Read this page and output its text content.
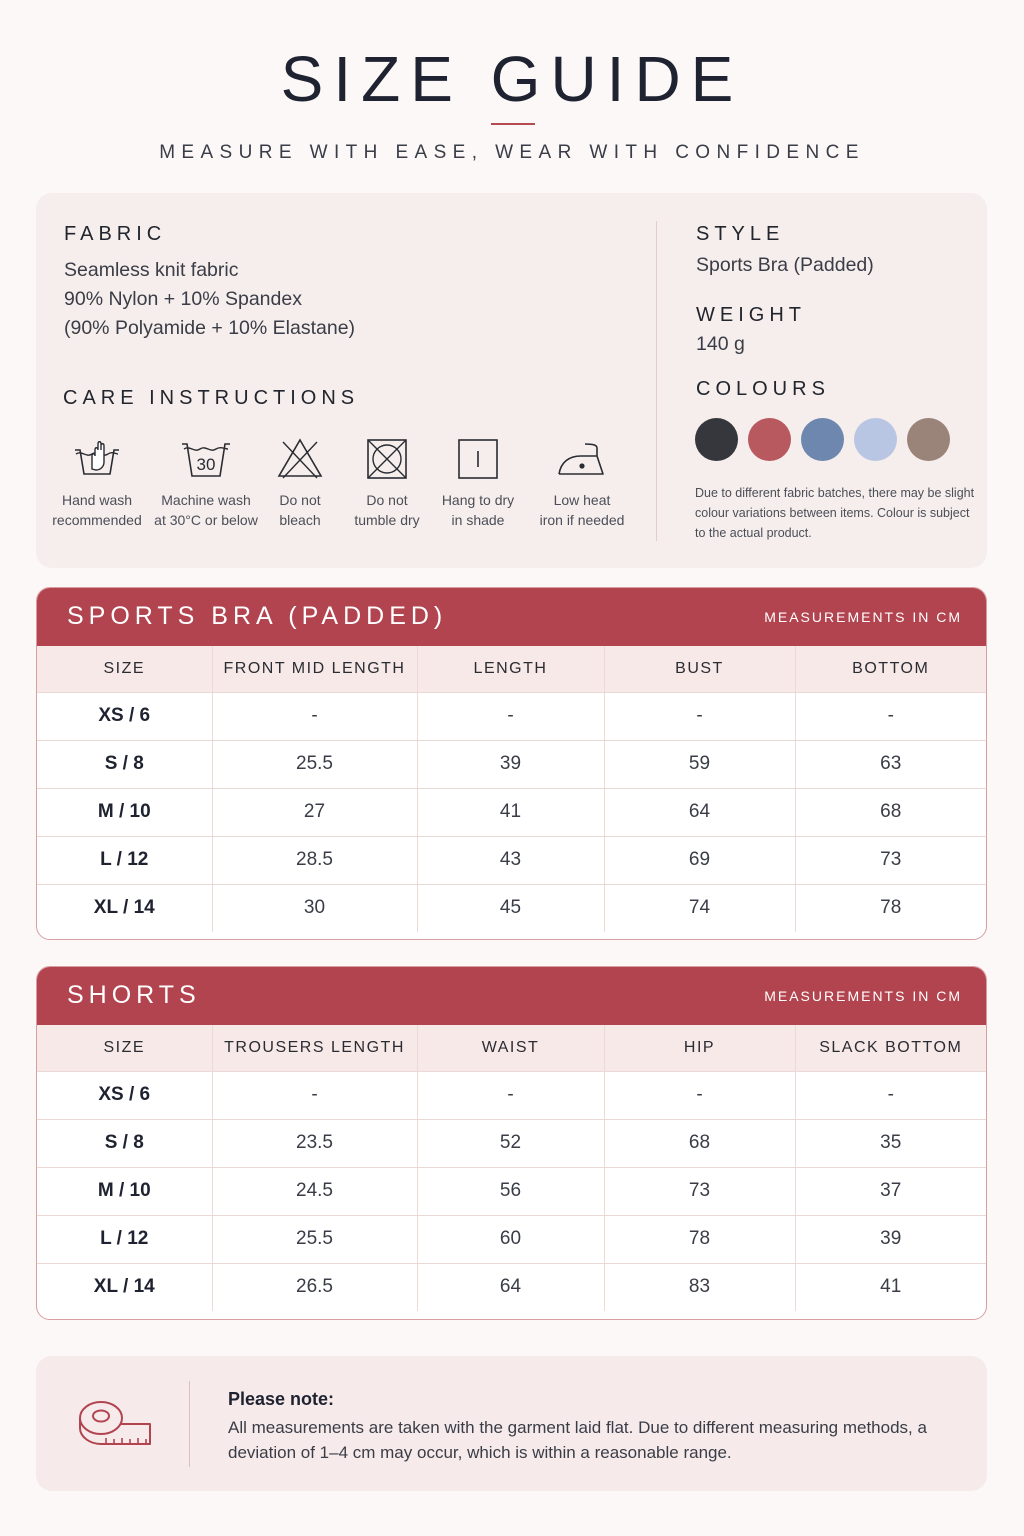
SIZE GUIDE
MEASURE WITH EASE, WEAR WITH CONFIDENCE
FABRIC
Seamless knit fabric
90% Nylon + 10% Spandex
(90% Polyamide + 10% Elastane)
CARE INSTRUCTIONS
Hand wash
recommended
30
Machine wash
at 30°C or below
Do not
bleach
Do not
tumble dry
Hang to dry
in shade
Low heat
iron if needed
STYLE
Sports Bra (Padded)
WEIGHT
140 g
COLOURS
Due to different fabric batches, there may be slight colour variations between items. Colour is subject to the actual product.
SPORTS BRA (PADDED)	MEASUREMENTS IN CM
SIZE	FRONT MID LENGTH	LENGTH	BUST	BOTTOM
XS / 6	-	-	-	-
S / 8	25.5	39	59	63
M / 10	27	41	64	68
L / 12	28.5	43	69	73
XL / 14	30	45	74	78
SHORTS	MEASUREMENTS IN CM
SIZE	TROUSERS LENGTH	WAIST	HIP	SLACK BOTTOM
XS / 6	-	-	-	-
S / 8	23.5	52	68	35
M / 10	24.5	56	73	37
L / 12	25.5	60	78	39
XL / 14	26.5	64	83	41
Please note:
All measurements are taken with the garment laid flat. Due to different measuring methods, a deviation of 1–4 cm may occur, which is within a reasonable range.
